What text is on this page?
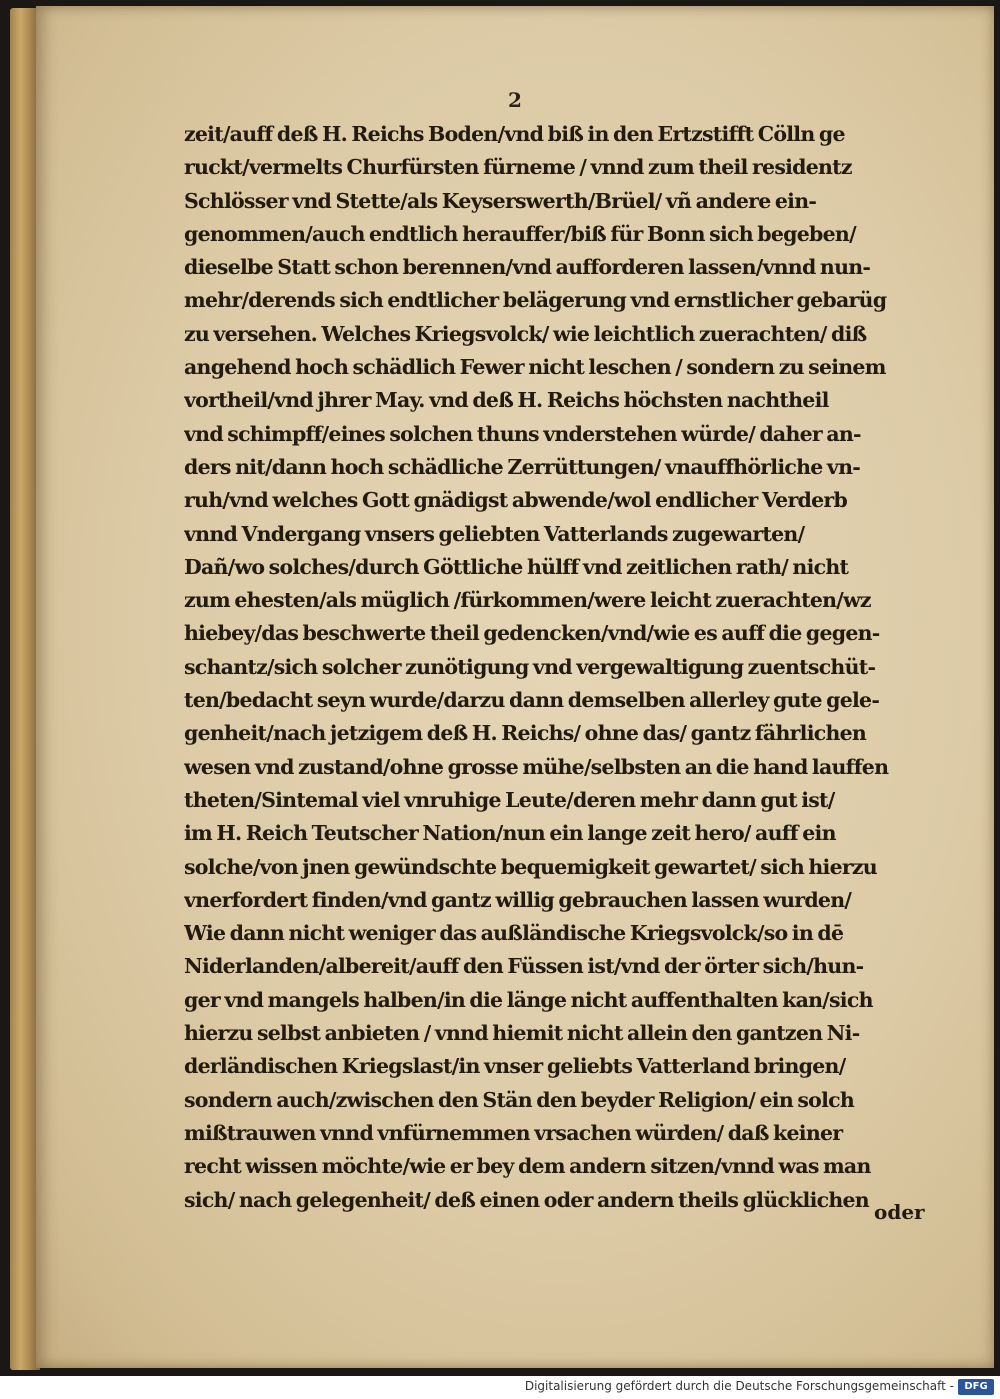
2
zeit/auff deß H. Reichs Boden/vnd biß in den Ertzstifft Cölln ge
ruckt/vermelts Churfürsten fürneme / vnnd zum theil residentz
Schlösser vnd Stette/als Keyserswerth/Brüel/ vñ andere ein-
genommen/auch endtlich herauffer/biß für Bonn sich begeben/
dieselbe Statt schon berennen/vnd aufforderen lassen/vnnd nun-
mehr/derends sich endtlicher belägerung vnd ernstlicher gebarüg
zu versehen. Welches Kriegsvolck/ wie leichtlich zuerachten/ diß
angehend hoch schädlich Fewer nicht leschen / sondern zu seinem
vortheil/vnd jhrer May. vnd deß H. Reichs höchsten nachtheil
vnd schimpff/eines solchen thuns vnderstehen würde/ daher an-
ders nit/dann hoch schädliche Zerrüttungen/ vnauffhörliche vn-
ruh/vnd welches Gott gnädigst abwende/wol endlicher Verderb
vnnd Vndergang vnsers geliebten Vatterlands zugewarten/
Dañ/wo solches/durch Göttliche hülff vnd zeitlichen rath/ nicht
zum ehesten/als müglich /fürkommen/were leicht zuerachten/wz
hiebey/das beschwerte theil gedencken/vnd/wie es auff die gegen-
schantz/sich solcher zunötigung vnd vergewaltigung zuentschüt-
ten/bedacht seyn wurde/darzu dann demselben allerley gute gele-
genheit/nach jetzigem deß H. Reichs/ ohne das/ gantz fährlichen
wesen vnd zustand/ohne grosse mühe/selbsten an die hand lauffen
theten/Sintemal viel vnruhige Leute/deren mehr dann gut ist/
im H. Reich Teutscher Nation/nun ein lange zeit hero/ auff ein
solche/von jnen gewündschte bequemigkeit gewartet/ sich hierzu
vnerfordert finden/vnd gantz willig gebrauchen lassen wurden/
Wie dann nicht weniger das außländische Kriegsvolck/so in dē
Niderlanden/albereit/auff den Füssen ist/vnd der örter sich/hun-
ger vnd mangels halben/in die länge nicht auffenthalten kan/sich
hierzu selbst anbieten / vnnd hiemit nicht allein den gantzen Ni-
derländischen Kriegslast/in vnser geliebts Vatterland bringen/
sondern auch/zwischen den Stän den beyder Religion/ ein solch
mißtrauwen vnnd vnfürnemmen vrsachen würden/ daß keiner
recht wissen möchte/wie er bey dem andern sitzen/vnnd was man
sich/ nach gelegenheit/ deß einen oder andern theils glücklichen
oder
Digitalisierung gefördert durch die Deutsche Forschungsgemeinschaft -	DFG
